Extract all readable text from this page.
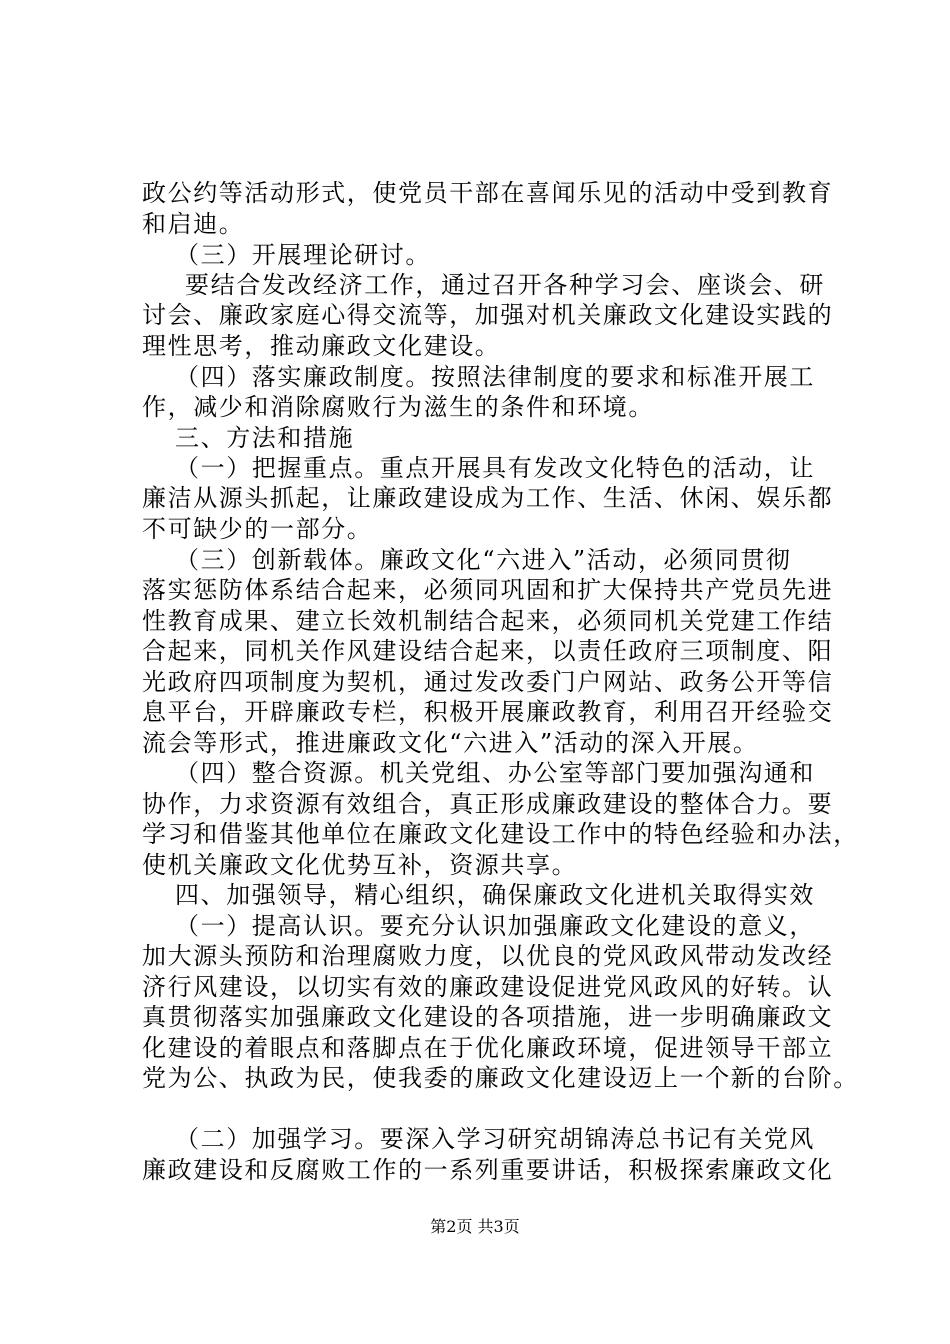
政公约等活动形式，使党员干部在喜闻乐见的活动中受到教育
和启迪。
（三）开展理论研讨。
要结合发改经济工作，通过召开各种学习会、座谈会、研
讨会、廉政家庭心得交流等，加强对机关廉政文化建设实践的
理性思考，推动廉政文化建设。
（四）落实廉政制度。按照法律制度的要求和标准开展工
作，减少和消除腐败行为滋生的条件和环境。
三、方法和措施
（一）把握重点。重点开展具有发改文化特色的活动，让
廉洁从源头抓起，让廉政建设成为工作、生活、休闲、娱乐都
不可缺少的一部分。
（三）创新载体。廉政文化“六进入”活动，必须同贯彻
落实惩防体系结合起来，必须同巩固和扩大保持共产党员先进
性教育成果、建立长效机制结合起来，必须同机关党建工作结
合起来，同机关作风建设结合起来，以责任政府三项制度、阳
光政府四项制度为契机，通过发改委门户网站、政务公开等信
息平台，开辟廉政专栏，积极开展廉政教育，利用召开经验交
流会等形式，推进廉政文化“六进入”活动的深入开展。
（四）整合资源。机关党组、办公室等部门要加强沟通和
协作，力求资源有效组合，真正形成廉政建设的整体合力。要
学习和借鉴其他单位在廉政文化建设工作中的特色经验和办法，
使机关廉政文化优势互补，资源共享。
四、加强领导，精心组织，确保廉政文化进机关取得实效
（一）提高认识。要充分认识加强廉政文化建设的意义，
加大源头预防和治理腐败力度，以优良的党风政风带动发改经
济行风建设，以切实有效的廉政建设促进党风政风的好转。认
真贯彻落实加强廉政文化建设的各项措施，进一步明确廉政文
化建设的着眼点和落脚点在于优化廉政环境，促进领导干部立
党为公、执政为民，使我委的廉政文化建设迈上一个新的台阶。
（二）加强学习。要深入学习研究胡锦涛总书记有关党风
廉政建设和反腐败工作的一系列重要讲话，积极探索廉政文化
第2页 共3页
